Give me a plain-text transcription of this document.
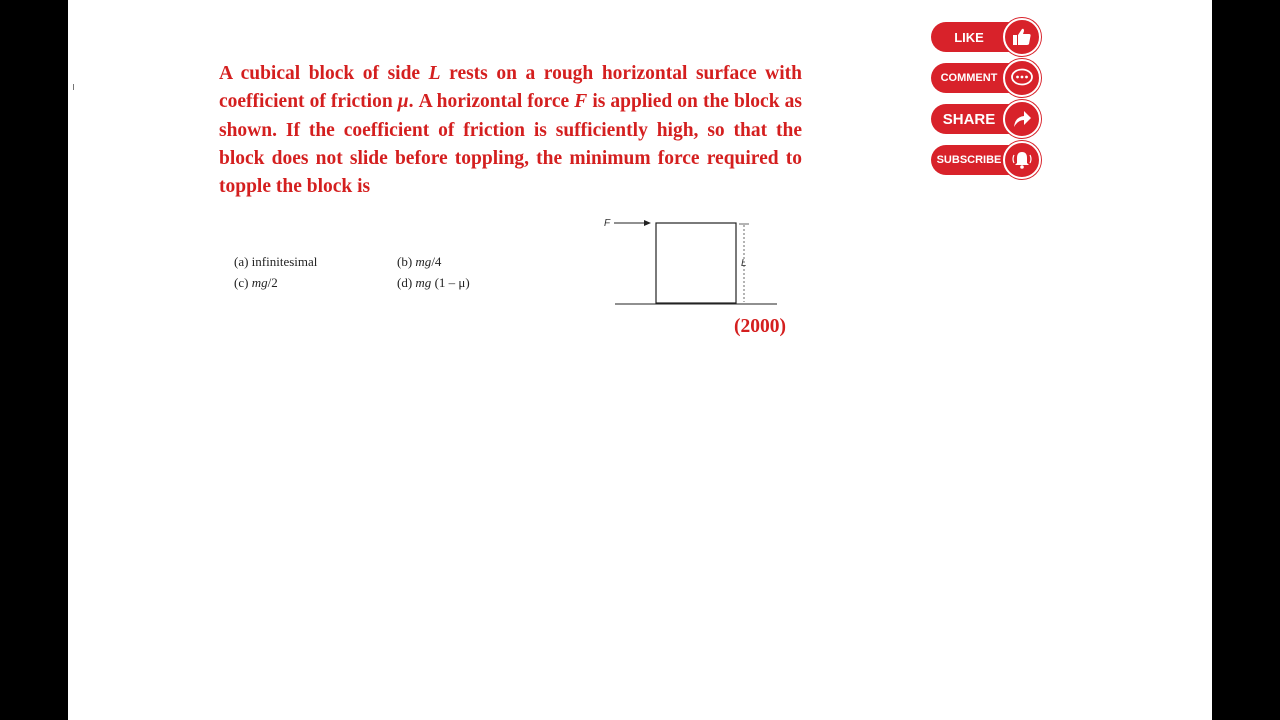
A cubical block of side L rests on a rough horizontal surface with coefficient of friction μ. A horizontal force F is applied on the block as shown. If the coefficient of friction is sufficiently high, so that the block does not slide before toppling, the minimum force required to topple the block is

(a) infinitesimal	(b) mg/4
(c) mg/2	(d) mg (1 – μ)
F
L
(2000)
LIKE
COMMENT
SHARE
SUBSCRIBE
